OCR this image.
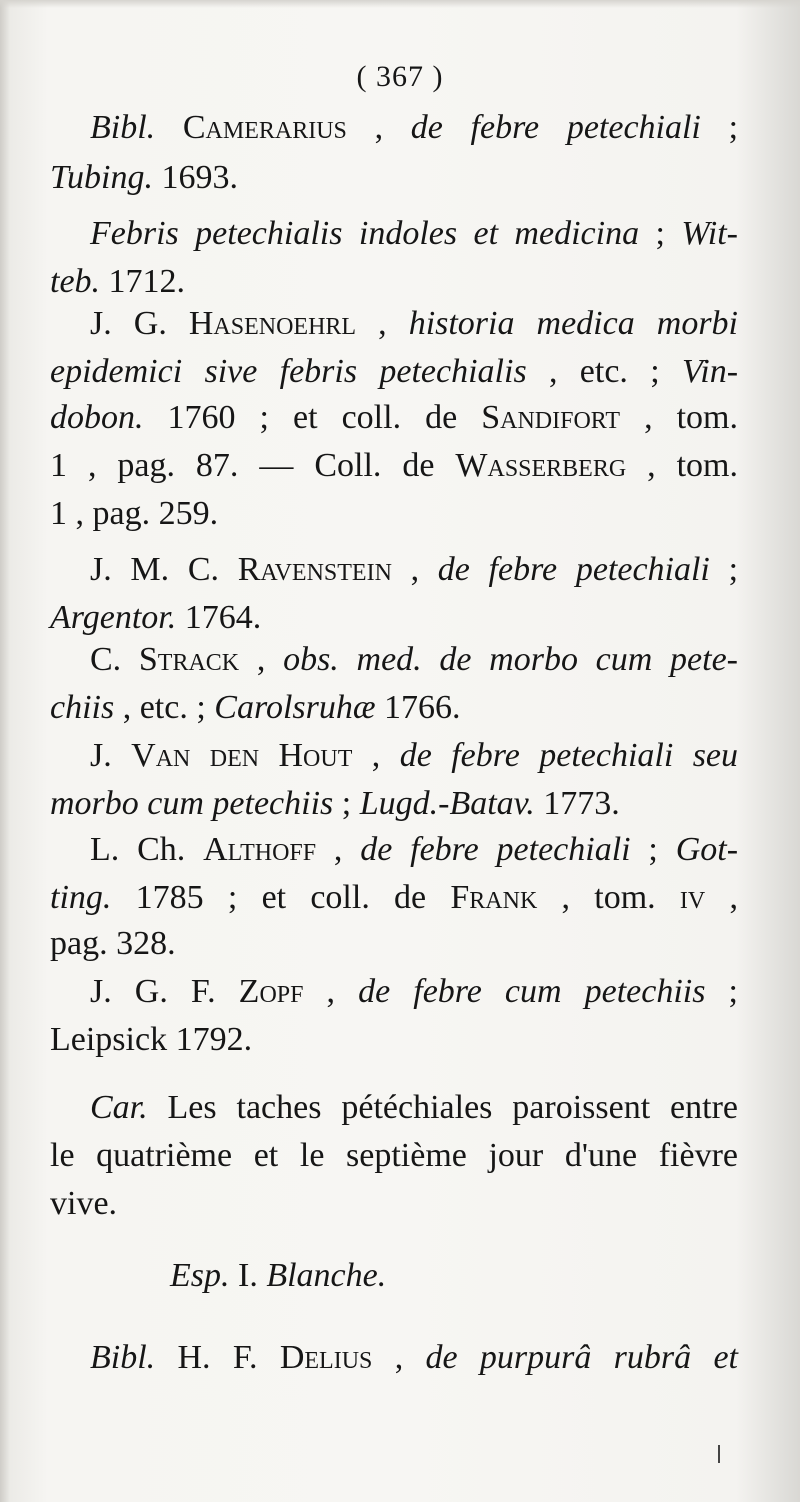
( 367 )
Bibl. Camerarius , de febre petechiali ;
Tubing. 1693.
Febris petechialis indoles et medicina ; Wit-
teb. 1712.
J. G. Hasenoehrl , historia medica morbi
epidemici sive febris petechialis , etc. ; Vin-
dobon. 1760 ; et coll. de Sandifort , tom.
1 , pag. 87. — Coll. de Wasserberg , tom.
1 , pag. 259.
J. M. C. Ravenstein , de febre petechiali ;
Argentor. 1764.
C. Strack , obs. med. de morbo cum pete-
chiis , etc. ; Carolsruhæ 1766.
J. Van den Hout , de febre petechiali seu
morbo cum petechiis ; Lugd.-Batav. 1773.
L. Ch. Althoff , de febre petechiali ; Got-
ting. 1785 ; et coll. de Frank , tom. iv ,
pag. 328.
J. G. F. Zopf , de febre cum petechiis ;
Leipsick 1792.
Car. Les taches pétéchiales paroissent entre
le quatrième et le septième jour d'une fièvre
vive.
Esp. I. Blanche.
Bibl. H. F. Delius , de purpurâ rubrâ et
